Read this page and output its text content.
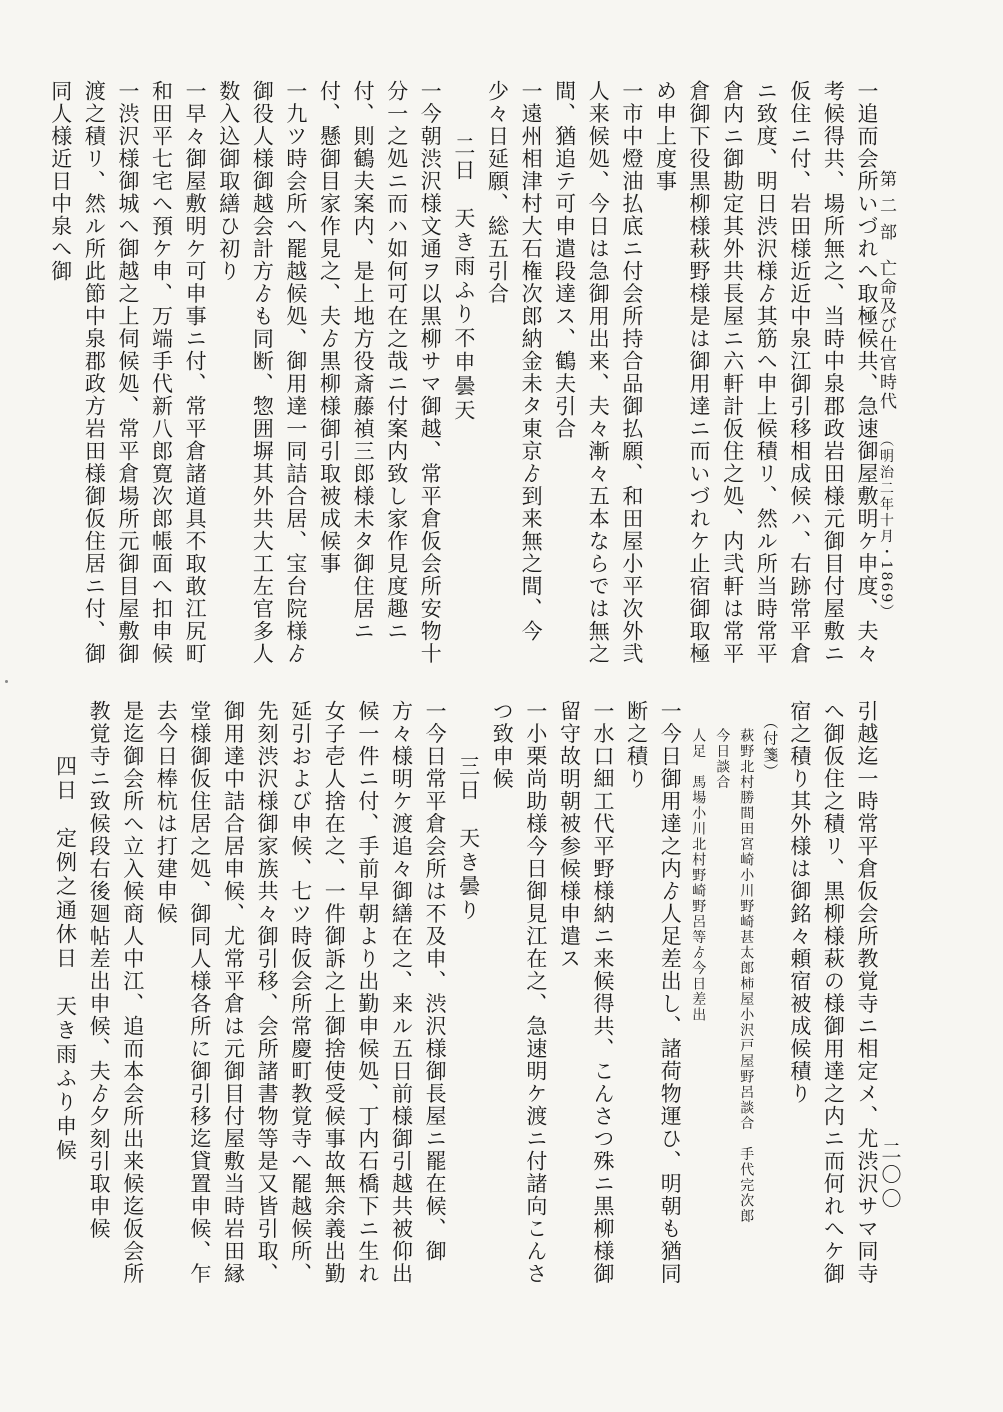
第 二 部 亡命及び仕官時代 （明治二年十月・1869）
二〇〇

一追而会所いづれへ取極候共、急速御屋敷明ケ申度、夫々考候得共、場所無之、当時中泉郡政岩田様元御目付屋敷ニ仮住ニ付、岩田様近近中泉江御引移相成候ハ、右跡常平倉ニ致度、明日渋沢様ゟ其筋へ申上候積リ、然ル所当時常平倉内ニ御勘定其外共長屋ニ六軒計仮住之処、内弐軒は常平倉御下役黒柳様萩野様是は御用達ニ而いづれケ止宿御取極め申上度事

一市中燈油払底ニ付会所持合品御払願、和田屋小平次外弐人来候処、今日は急御用出来、夫々漸々五本ならでは無之間、猶追テ可申遣段達ス、鶴夫引合

一遠州相津村大石権次郎納金未タ東京ゟ到来無之間、今少々日延願、総五引合

二日　天き雨ふり不申曇天

一今朝渋沢様文通ヲ以黒柳サマ御越、常平倉仮会所安物十分一之処ニ而ハ如何可在之哉ニ付案内致し家作見度趣ニ付、則鶴夫案内、是上地方役斎藤禎三郎様未タ御住居ニ付、懸御目家作見之、夫ゟ黒柳様御引取被成候事

一九ツ時会所へ罷越候処、御用達一同詰合居、宝台院様ゟ御役人様御越会計方ゟも同断、惣囲塀其外共大工左官多人数入込御取繕ひ初り

一早々御屋敷明ケ可申事ニ付、常平倉諸道具不取敢江尻町和田平七宅へ預ケ申、万端手代新八郎寛次郎帳面へ扣申候

一渋沢様御城へ御越之上伺候処、常平倉場所元御目屋敷御渡之積リ、然ル所此節中泉郡政方岩田様御仮住居ニ付、御同人様近日中泉へ御

引越迄一時常平倉仮会所教覚寺ニ相定メ、尤渋沢サマ同寺へ御仮住之積リ、黒柳様萩の様御用達之内ニ而何れへケ御宿之積り其外様は御銘々頼宿被成候積り

（付箋）
萩野北村勝間田宮崎小川野崎甚太郎柿屋小沢戸屋野呂談合　手代完次郎
今日談合
人足　馬場小川北村野崎野呂等ゟ今日差出

一今日御用達之内ゟ人足差出し、諸荷物運ひ、明朝も猶同断之積り

一水口細工代平野様納ニ来候得共、こんさつ殊ニ黒柳様御留守故明朝被参候様申遣ス

一小栗尚助様今日御見江在之、急速明ケ渡ニ付諸向こんさつ致申候

三日　天き曇り

一今日常平倉会所は不及申、渋沢様御長屋ニ罷在候、御方々様明ケ渡追々御繕在之、来ル五日前様御引越共被仰出候一件ニ付、手前早朝より出勤申候処、丁内石橋下ニ生れ女子壱人捨在之、一件御訴之上御捨使受候事故無余義出勤延引および申候、七ツ時仮会所常慶町教覚寺へ罷越候所、先刻渋沢様御家族共々御引移、会所諸書物等是又皆引取、御用達中詰合居申候、尤常平倉は元御目付屋敷当時岩田縁堂様御仮住居之処、御同人様各所に御引移迄貸置申候、乍去今日棒杭は打建申候

是迄御会所へ立入候商人中江、追而本会所出来候迄仮会所教覚寺ニ致候段右後廻帖差出申候、夫ゟ夕刻引取申候

四日　定例之通休日　天き雨ふり申候
